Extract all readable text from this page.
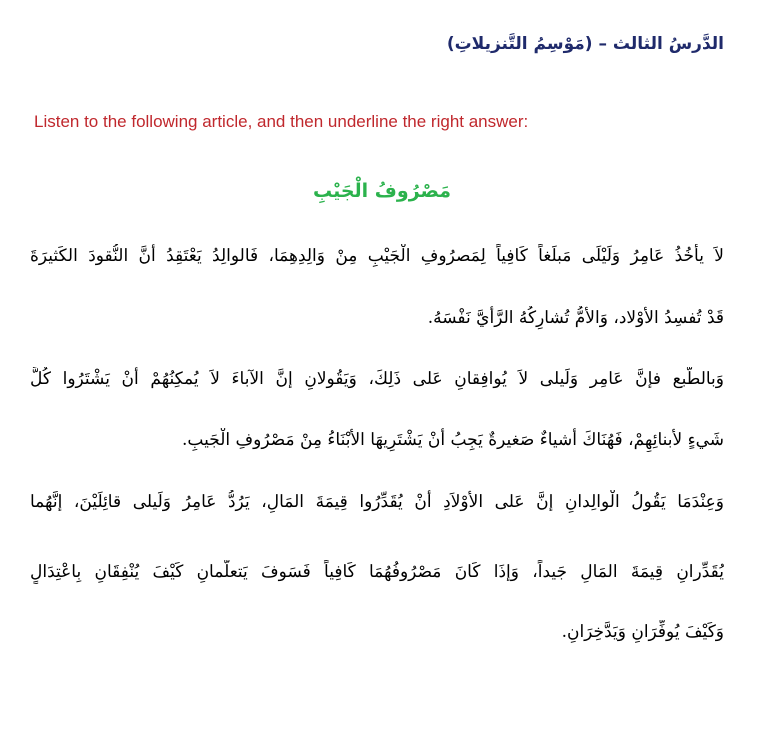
الدَّرسُ الثالث – (مَوْسِمُ التَّنزيلاتِ)
Listen to the following article, and then underline the right answer:
مَصْرُوفُ الْجَيْبِ
لاَ يأخُذُ عَامِرُ وَلَيْلَى مَبلَغاً كَافِياً لِمَصرُوفِ الْجَيْبِ مِنْ وَالِدِهِمَا، فَالوالِدُ يَعْتَقِدُ أَنَّ النُّقودَ الكَثيرَةَ
قَدْ تُفسِدُ الأَوْلاد، وَالأُمُّ تُشارِكُهُ الرَّأيَّ نَفْسَهُ.
وَبالطّبع فإنَّ عَامِر وَلَيلى لاَ يُوافِقانِ عَلى ذَلِكَ، وَيَقُولانِ إنَّ الآباءَ لاَ يُمكِنُهُمْ أَنْ يَشْتَرُوا كُلَّ
شَيءٍ لأبنائِهِمْ، فَهُنَاكَ أَشياءٌ صَغيرةٌ يَجِبُ أَنْ يَشْتَرِيهَا الأَبْنَاءُ مِنْ مَصْرُوفِ الْجَيبِ.
وَعِنْدَمَا يَقُولُ الْوالِدانِ إنَّ عَلى الأَوْلاَدِ أَنْ يُقَدِّرُوا قِيمَةَ المَالِ، يَرُدُّ عَامِرُ وَلَيلى قائِلَيْنَ، إنَّهُما
يُقَدِّرانِ قِيمَةَ المَالِ جَيداً، وَإذَا كَانَ مَصْرُوفُهُمَا كَافِياً فَسَوفَ يَتعلّمانِ كَيْفَ يُنْفِقَانِ بِاعْتِدَالٍ
وَكَيْفَ يُوفِّرَانِ وَيَدَّخِرَانِ.
